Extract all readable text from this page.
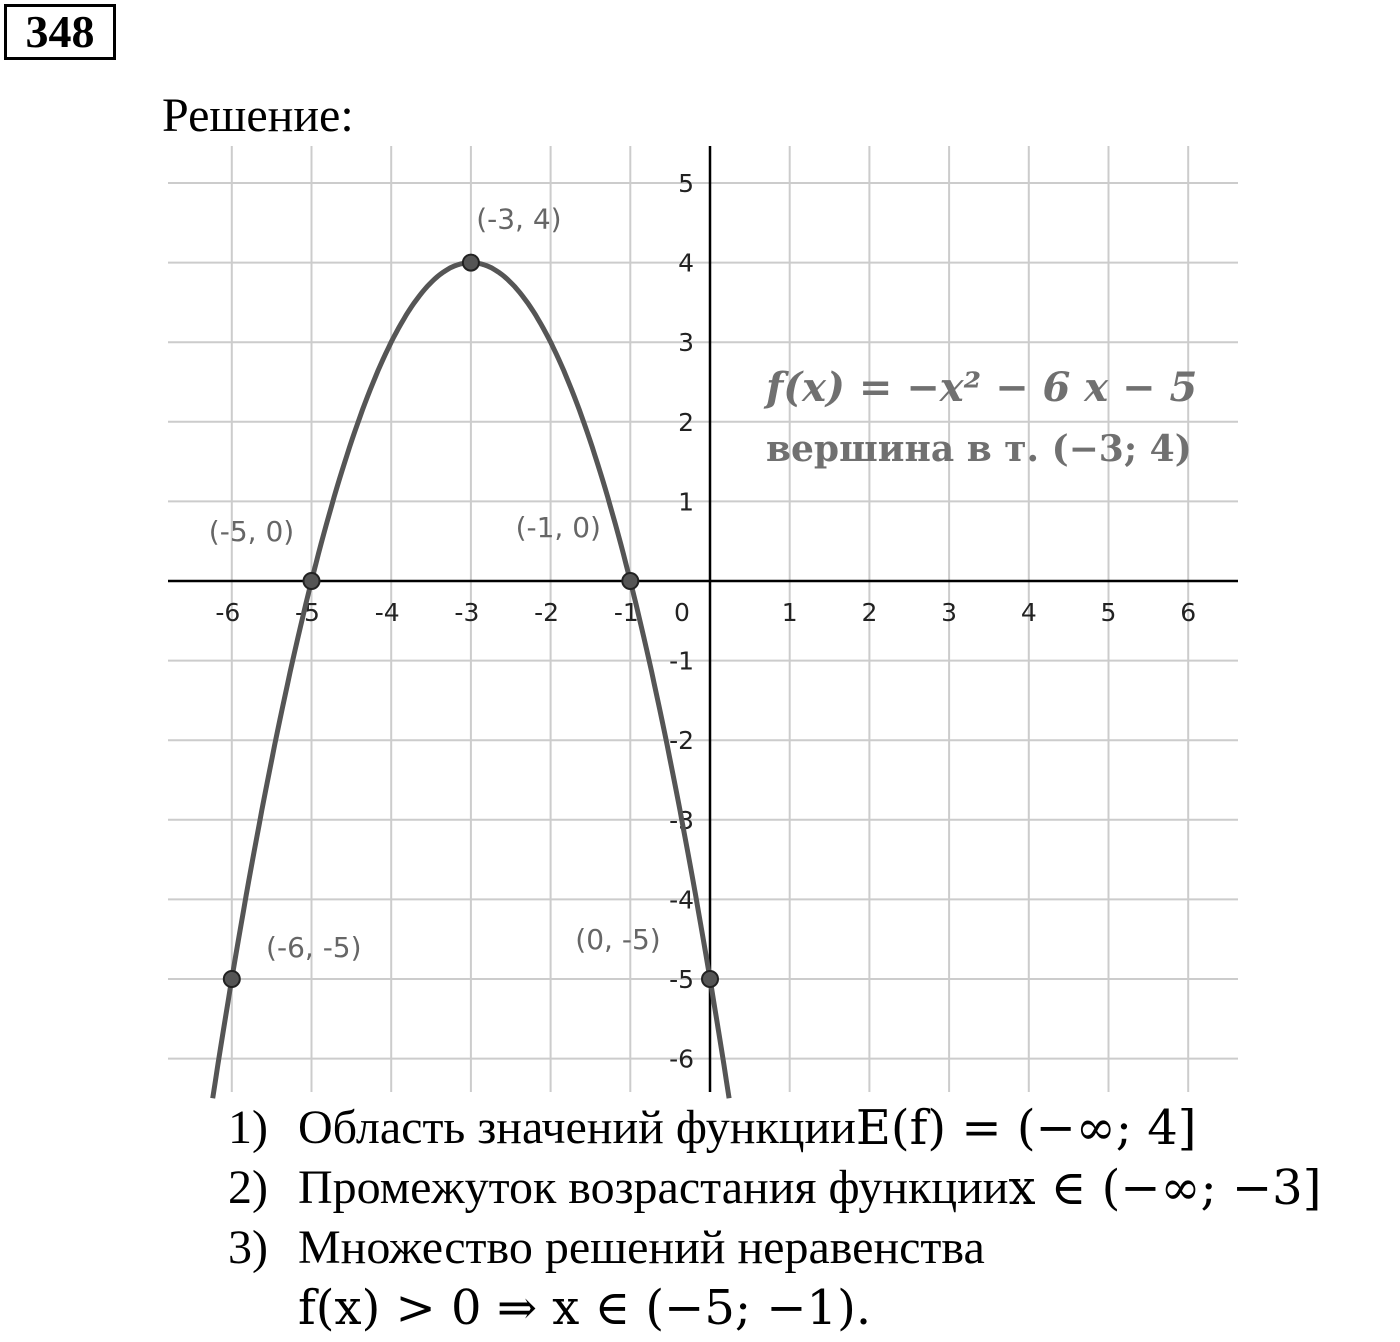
348
Решение:
-6 -5 -4 -3 -2 -1 0	1	2	3	4	5	6
5
4
3
2
1
-1
-2
-3
-4
-5
-6
(-3, 4)
(-5, 0)	(-1, 0)
(-6, -5)	(0, -5)
f(x) = −x² − 6 x − 5
вершина в т. (−3; 4)
1) Область значений функции E(f) = (−∞; 4]
2) Промежуток возрастания функции x ∈ (−∞; −3]
3) Множество решений неравенства
f(x) > 0 ⇒ x ∈ (−5; −1).
